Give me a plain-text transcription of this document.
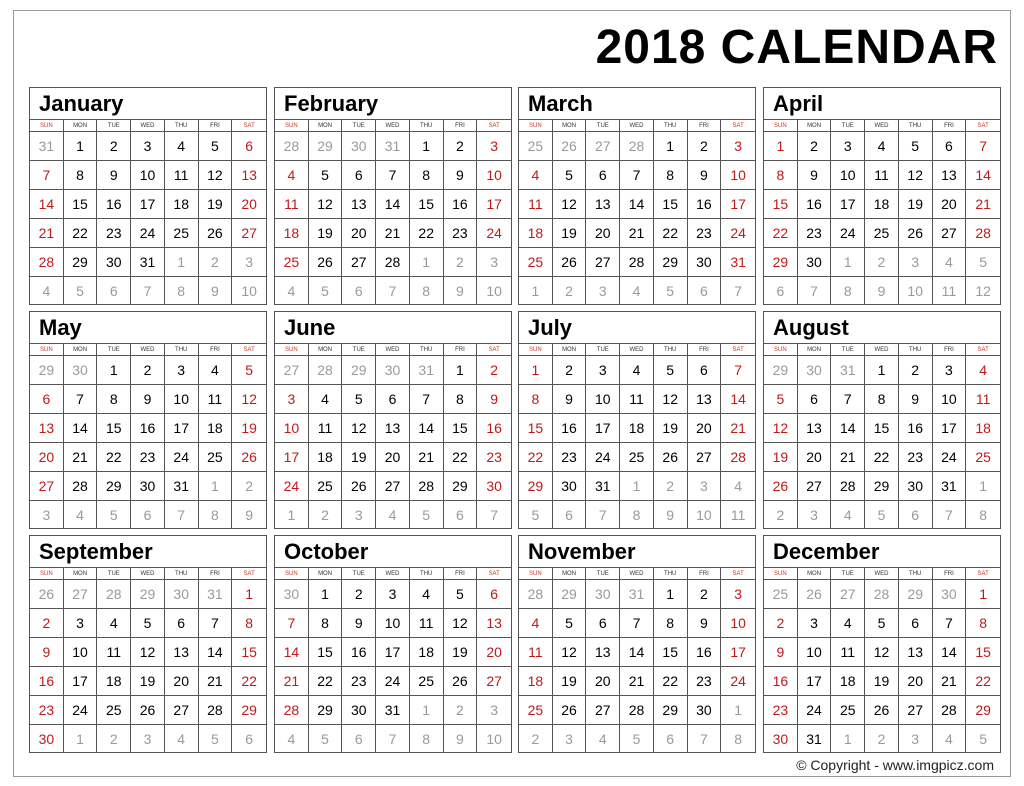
2018 CALENDAR
January
SUN	MON	TUE	WED	THU	FRI	SAT
31	1	2	3	4	5	6
7	8	9	10	11	12	13
14	15	16	17	18	19	20
21	22	23	24	25	26	27
28	29	30	31	1	2	3
4	5	6	7	8	9	10
February
SUN	MON	TUE	WED	THU	FRI	SAT
28	29	30	31	1	2	3
4	5	6	7	8	9	10
11	12	13	14	15	16	17
18	19	20	21	22	23	24
25	26	27	28	1	2	3
4	5	6	7	8	9	10
March
SUN	MON	TUE	WED	THU	FRI	SAT
25	26	27	28	1	2	3
4	5	6	7	8	9	10
11	12	13	14	15	16	17
18	19	20	21	22	23	24
25	26	27	28	29	30	31
1	2	3	4	5	6	7
April
SUN	MON	TUE	WED	THU	FRI	SAT
1	2	3	4	5	6	7
8	9	10	11	12	13	14
15	16	17	18	19	20	21
22	23	24	25	26	27	28
29	30	1	2	3	4	5
6	7	8	9	10	11	12
May
SUN	MON	TUE	WED	THU	FRI	SAT
29	30	1	2	3	4	5
6	7	8	9	10	11	12
13	14	15	16	17	18	19
20	21	22	23	24	25	26
27	28	29	30	31	1	2
3	4	5	6	7	8	9
June
SUN	MON	TUE	WED	THU	FRI	SAT
27	28	29	30	31	1	2
3	4	5	6	7	8	9
10	11	12	13	14	15	16
17	18	19	20	21	22	23
24	25	26	27	28	29	30
1	2	3	4	5	6	7
July
SUN	MON	TUE	WED	THU	FRI	SAT
1	2	3	4	5	6	7
8	9	10	11	12	13	14
15	16	17	18	19	20	21
22	23	24	25	26	27	28
29	30	31	1	2	3	4
5	6	7	8	9	10	11
August
SUN	MON	TUE	WED	THU	FRI	SAT
29	30	31	1	2	3	4
5	6	7	8	9	10	11
12	13	14	15	16	17	18
19	20	21	22	23	24	25
26	27	28	29	30	31	1
2	3	4	5	6	7	8
September
SUN	MON	TUE	WED	THU	FRI	SAT
26	27	28	29	30	31	1
2	3	4	5	6	7	8
9	10	11	12	13	14	15
16	17	18	19	20	21	22
23	24	25	26	27	28	29
30	1	2	3	4	5	6
October
SUN	MON	TUE	WED	THU	FRI	SAT
30	1	2	3	4	5	6
7	8	9	10	11	12	13
14	15	16	17	18	19	20
21	22	23	24	25	26	27
28	29	30	31	1	2	3
4	5	6	7	8	9	10
November
SUN	MON	TUE	WED	THU	FRI	SAT
28	29	30	31	1	2	3
4	5	6	7	8	9	10
11	12	13	14	15	16	17
18	19	20	21	22	23	24
25	26	27	28	29	30	1
2	3	4	5	6	7	8
December
SUN	MON	TUE	WED	THU	FRI	SAT
25	26	27	28	29	30	1
2	3	4	5	6	7	8
9	10	11	12	13	14	15
16	17	18	19	20	21	22
23	24	25	26	27	28	29
30	31	1	2	3	4	5
© Copyright - www.imgpicz.com
